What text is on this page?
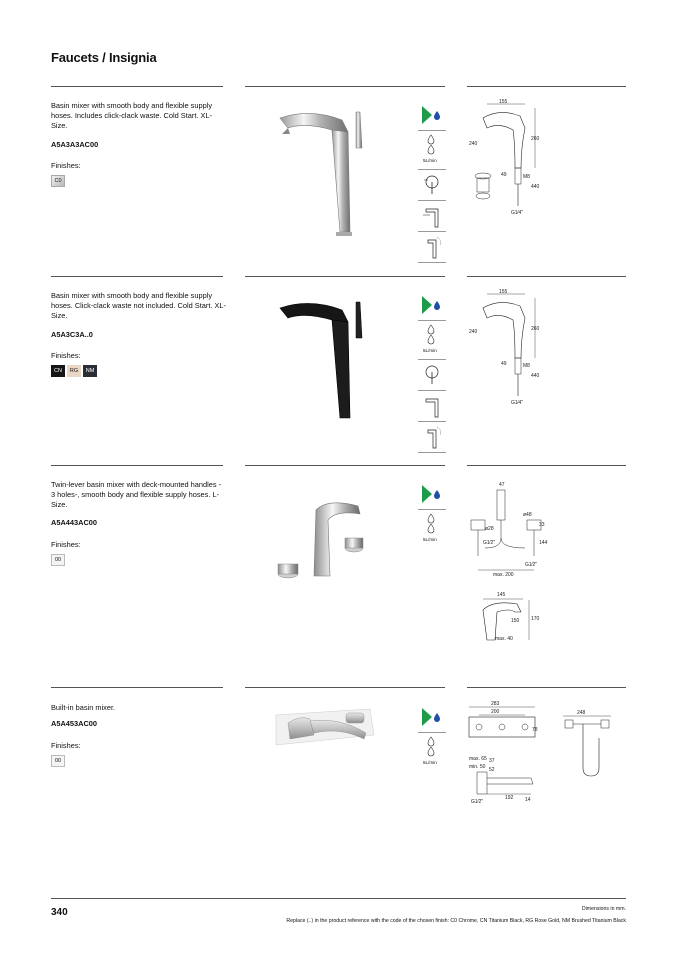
Faucets / Insignia
Basin mixer with smooth body and flexible supply hoses. Includes click-clack waste. Cold Start. XL-Size.
A5A3A3AC00
Finishes:
C0
5L/min
155
240
260
49	M8
440
G1⁄4"
Basin mixer with smooth body and flexible supply hoses. Click-clack waste not included. Cold Start. XL-Size.
A5A3C3A..0
Finishes:
CN	RG	NM
5L/min
155
240	260
49	M8
440
G1⁄4"
Twin-lever basin mixer with deck-mounted handles - 3 holes-, smooth body and flexible supply hoses. L-Size.
A5A443AC00
Finishes:
00
5L/min
47
ø48
ø28
33
144
G1⁄2"
G1⁄2"
max. 200
145
150 170
max. 40
Built-in basin mixer.
A5A453AC00
Finishes:
00	5L/min
283
200
78
248
max. 65
min. 50
37
52
192
G1⁄2"	14
340	Dimensions in mm.
Replace (..) in the product reference with the code of the chosen finish: C0 Chrome, CN Titanium Black, RG Rose Gold, NM Brushed Titanium Black
